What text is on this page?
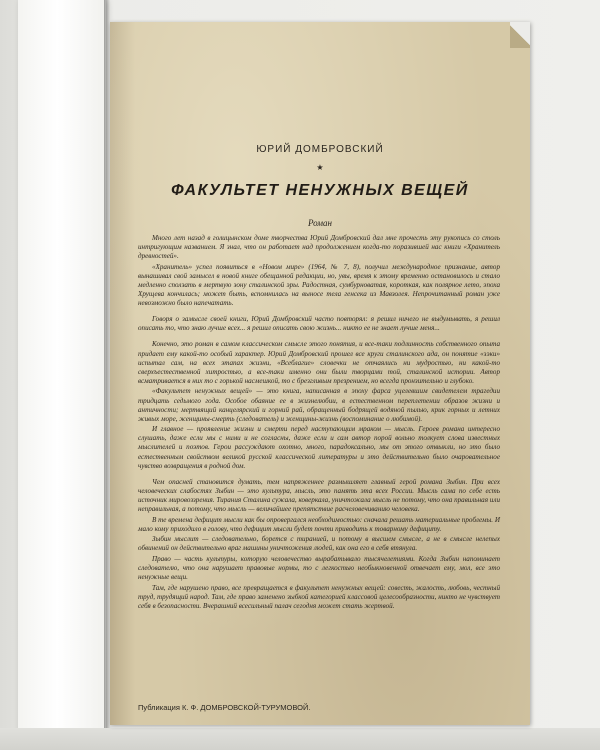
ЮРИЙ ДОМБРОВСКИЙ
★
ФАКУЛЬТЕТ НЕНУЖНЫХ ВЕЩЕЙ
Роман

Много лет назад в голицынском доме творчества Юрий Домбровский дал мне прочесть эту рукопись со столь интригующим названием. Я знал, что он работает над продолжением когда-то поразившей нас книги «Хранитель древностей».

«Хранитель» успел появиться в «Новом мире» (1964, № 7, 8), получил международное признание, автор вынашивал свой замысел в новой книге обещанной редакции, но, увы, время к этому временно остановилось и стало медленно сползать в мертвую зону сталинской эры. Радостная, сумбурноватая, короткая, как полярное лето, эпоха Хрущева кончилась; может быть, вспомнилась на выносе тела генсека из Мавзолея. Непрочитанный роман уже невозможно было напечатать.

Говоря о замысле своей книги, Юрий Домбровский часто повторял: я решил ничего не выдумывать, я решил описать то, что знаю лучше всех... я решил описать свою жизнь... никто ее не знает лучше меня...

Конечно, это роман в самом классическом смысле этого понятия, и все-таки подлинность собственного опыта придает ему какой-то особый характер. Юрий Домбровский прошел все круги сталинского ада, он понятие «зэки» испытал сам, на всех этапах жизни, «Всеблагие» словечки не отчаялись ни мудростью, ни какой-то сверхъестественной хитростью, а все-таки именно они были творцами той, сталинской истории. Автор всматривается в них то с горькой насмешкой, то с брезгливым презрением, но всегда пронзительно и глубоко.

«Факультет ненужных вещей» — это книга, написанная в эпоху фарса уцелевшим свидетелем трагедии тридцать седьмого года. Особое обаяние ее в жизнелюбии, в естественном переплетении образов жизни и античности; мертвящий канцелярский и горний рай, обращенный бодрящей водяной пылью, крик горных и летних живых море, женщины-смерть (следователь) и женщины-жизнь (воспоминание о любимой).

И главное — проявление жизни и смерти перед наступающим мраком — мысль. Героев романа интересно слушать, даже если мы с ними и не согласны, даже если и сам автор порой вольно толкует слова известных мыслителей и поэтов. Герои рассуждают охотно, много, парадоксально, мы от этого отвыкли, но это было естественным свойством великой русской классической литературы и это действительно было очаровательное чувство возвращения в родной дом.

Чем опасней становится думать, тем напряженнее размышляет главный герой романа Зыбин. При всех человеческих слабостях Зыбин — это культура, мысль, это память эта всех России. Мысль сама по себе есть источник мировоззрения. Тирания Сталина сужала, коверкала, уничтожала мысль не потому, что она правильная или неправильная, а потому, что мысль — величайшее препятствие расчеловечиванию человека.

В те времена дефицит мысли как бы опровергался необходимостью: сначала решать материальные проблемы. И мало кому приходило в голову, что дефицит мысли будет почти приводить к товарному дефициту.

Зыбин мыслит — следовательно, борется с тиранией, и потому в высшем смысле, а не в смысле нелепых обвинений он действительно враг машины уничтожения людей, как она его в себя втянула.

Право — часть культуры, которую человечество вырабатывало тысячелетиями. Когда Зыбин напоминает следователю, что она нарушает правовые нормы, то с легкостью необыкновенной отвечает ему, мол, все это ненужные вещи.

Там, где нарушено право, все превращается в факультет ненужных вещей: совесть, жалость, любовь, честный труд, трудящий народ. Там, где право заменено зыбкой категорией классовой целесообразности, никто не чувствует себя в безопасности. Вчерашний всесильный палач сегодня может стать жертвой.

Публикация К. Ф. ДОМБРОВСКОЙ-ТУРУМОВОЙ.
